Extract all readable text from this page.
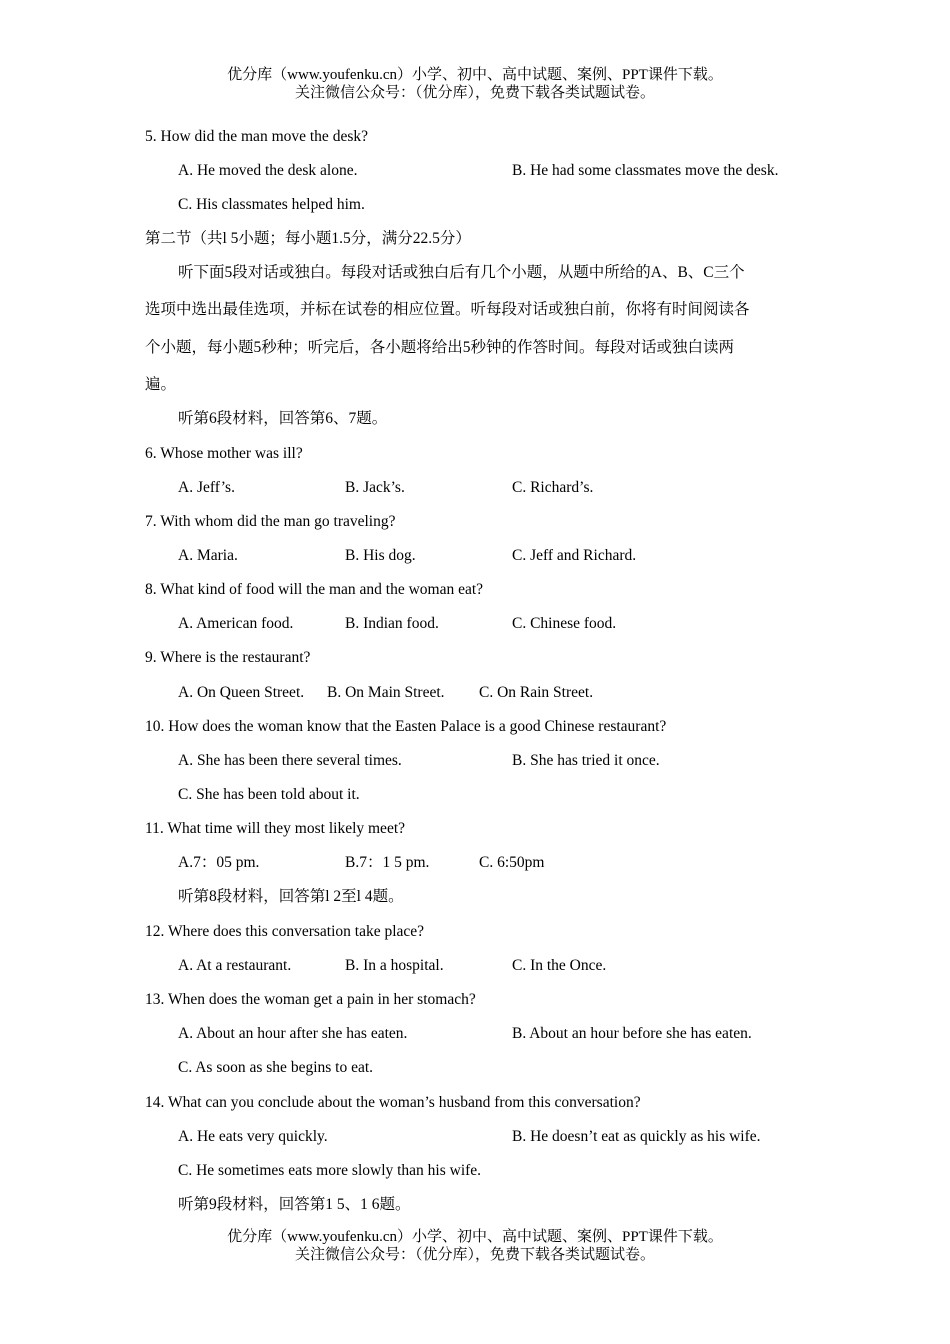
优分库（www.youfenku.cn）小学、初中、高中试题、案例、PPT课件下载。
关注微信公众号：（优分库），免费下载各类试题试卷。
5. How did the man move the desk?
A. He moved the desk alone.	B. He had some classmates move the desk.
C. His classmates helped him.
第二节（共l 5小题；每小题1.5分，满分22.5分）
听下面5段对话或独白。每段对话或独白后有几个小题，从题中所给的A、B、C三个
选项中选出最佳选项，并标在试卷的相应位置。听每段对话或独白前，你将有时间阅读各
个小题，每小题5秒种；听完后，各小题将给出5秒钟的作答时间。每段对话或独白读两
遍。
听第6段材料，回答第6、7题。
6. Whose mother was ill?
A. Jeff’s.	B. Jack’s.	C. Richard’s.
7. With whom did the man go traveling?
A. Maria.	B. His dog.	C. Jeff and Richard.
8. What kind of food will the man and the woman eat?
A. American food.	B. Indian food.	C. Chinese food.
9. Where is the restaurant?
A. On Queen Street. B. On Main Street. C. On Rain Street.
10. How does the woman know that the Easten Palace is a good Chinese restaurant?
A. She has been there several times.	B. She has tried it once.
C. She has been told about it.
11. What time will they most likely meet?
A.7：05 pm.	B.7：1 5 pm.	C. 6:50pm
听第8段材料，回答第l 2至l 4题。
12. Where does this conversation take place?
A. At a restaurant.	B. In a hospital.	C. In the Once.
13. When does the woman get a pain in her stomach?
A. About an hour after she has eaten.	B. About an hour before she has eaten.
C. As soon as she begins to eat.
14. What can you conclude about the woman’s husband from this conversation?
A. He eats very quickly.	B. He doesn’t eat as quickly as his wife.
C. He sometimes eats more slowly than his wife.
听第9段材料，回答第1 5、1 6题。
优分库（www.youfenku.cn）小学、初中、高中试题、案例、PPT课件下载。
关注微信公众号：（优分库），免费下载各类试题试卷。
